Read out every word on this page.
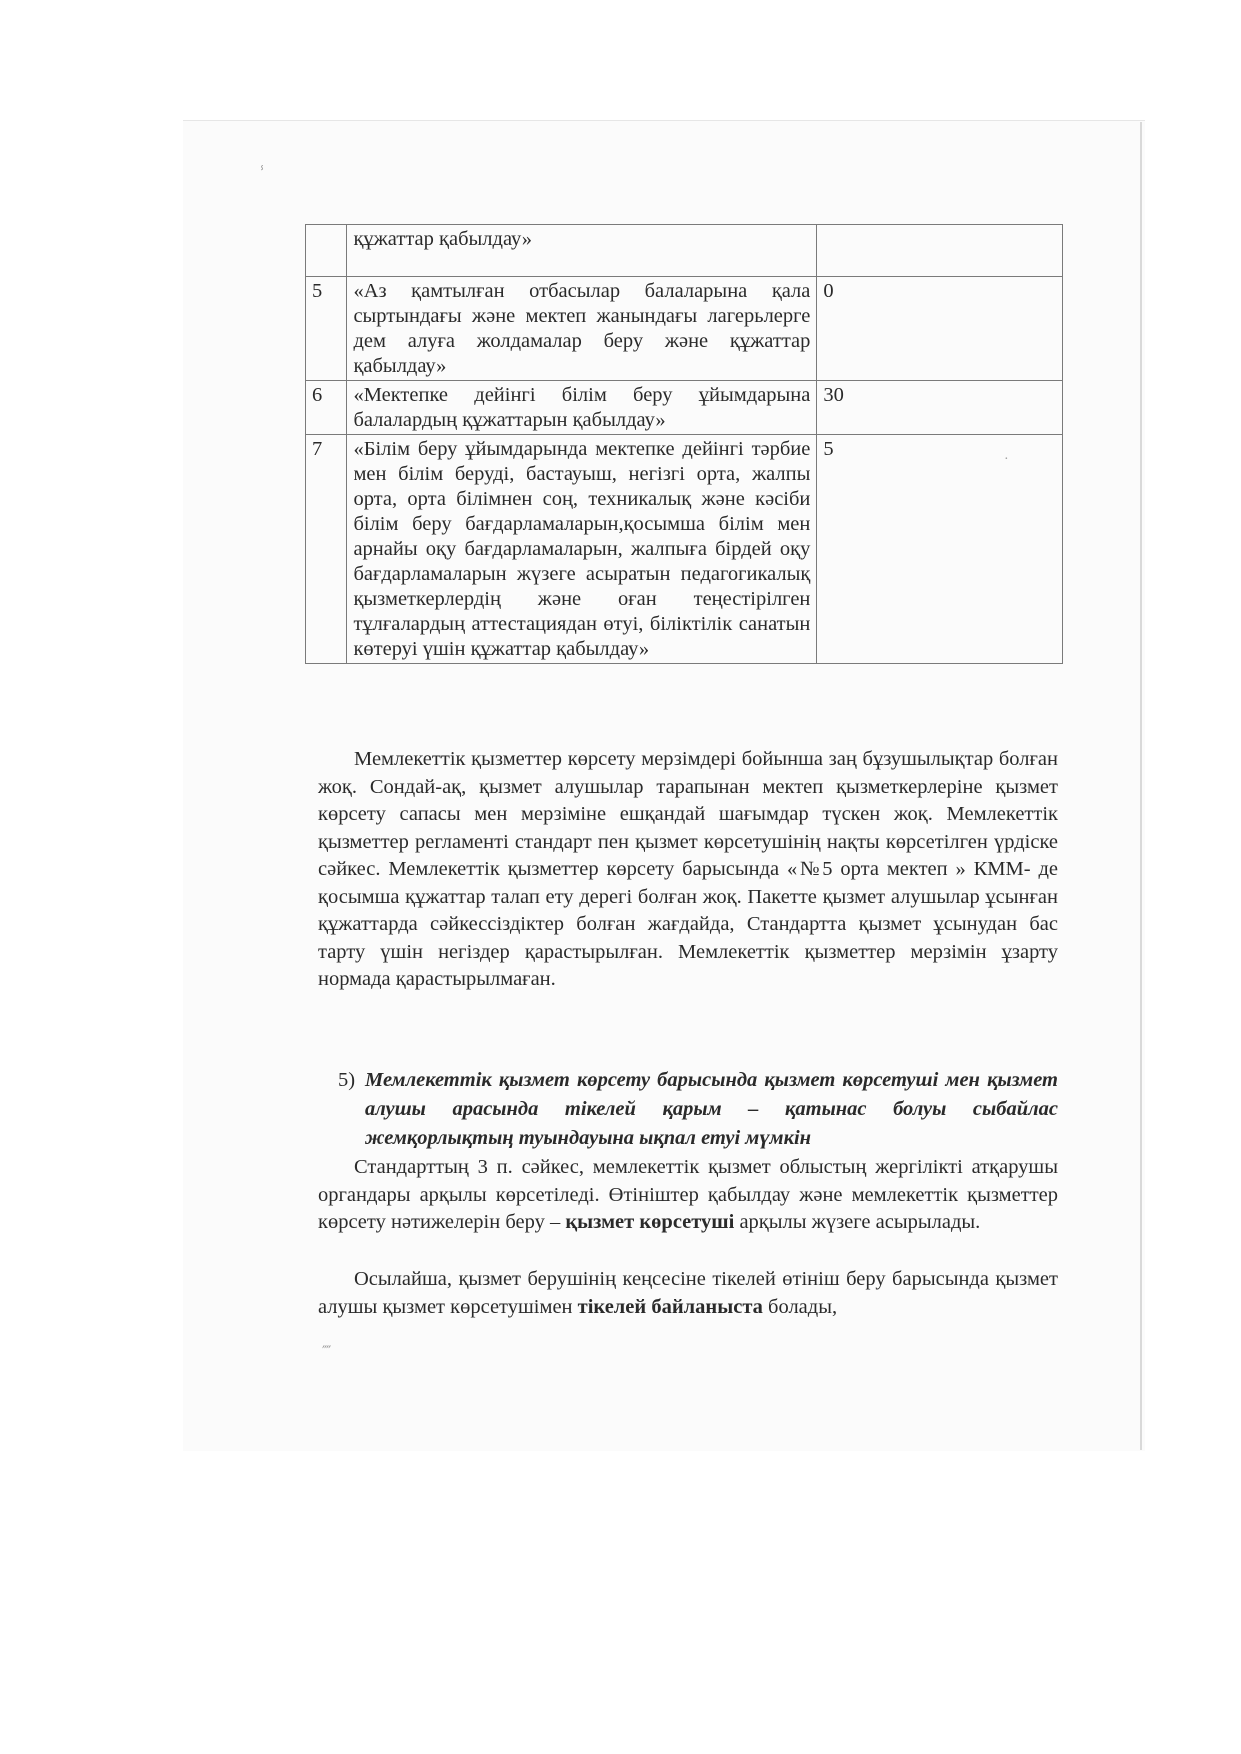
ⸯ
·
⁗
	құжаттар қабылдау»	
5	«Аз қамтылған отбасылар балаларына қала сыртындағы және мектеп жанындағы лагерьлерге дем алуға жолдамалар беру және құжаттар қабылдау»	0
6	«Мектепке дейінгі білім беру ұйымдарына балалардың құжаттарын қабылдау»	30
7	«Білім беру ұйымдарында мектепке дейінгі тәрбие мен білім беруді, бастауыш, негізгі орта, жалпы орта, орта білімнен соң, техникалық және кәсіби білім беру бағдарламаларын,қосымша білім мен арнайы оқу бағдарламаларын, жалпыға бірдей оқу бағдарламаларын жүзеге асыратын педагогикалық қызметкерлердің және оған теңестірілген тұлғалардың аттестациядан өтуі, біліктілік санатын көтеруі үшін құжаттар қабылдау»	5

Мемлекеттік қызметтер көрсету мерзімдері бойынша заң бұзушылықтар болған жоқ. Сондай-ақ, қызмет алушылар тарапынан мектеп қызметкерлеріне қызмет көрсету сапасы мен мерзіміне ешқандай шағымдар түскен жоқ. Мемлекеттік қызметтер регламенті стандарт пен қызмет көрсетушінің нақты көрсетілген үрдіске сәйкес. Мемлекеттік қызметтер көрсету барысында «№5 орта мектеп » КММ- де қосымша құжаттар талап ету дерегі болған жоқ. Пакетте қызмет алушылар ұсынған құжаттарда сәйкессіздіктер болған жағдайда, Стандартта қызмет ұсынудан бас тарту үшін негіздер қарастырылған. Мемлекеттік қызметтер мерзімін ұзарту нормада қарастырылмаған.

5) Мемлекеттік қызмет көрсету барысында қызмет көрсетуші мен қызмет алушы арасында тікелей қарым – қатынас болуы сыбайлас жемқорлықтың туындауына ықпал етуі мүмкін

Стандарттың 3 п. сәйкес, мемлекеттік қызмет облыстың жергілікті атқарушы органдары арқылы көрсетіледі. Өтініштер қабылдау және мемлекеттік қызметтер көрсету нәтижелерін беру – қызмет көрсетуші арқылы жүзеге асырылады.

Осылайша, қызмет берушінің кеңсесіне тікелей өтініш беру барысында қызмет алушы қызмет көрсетушімен тікелей байланыста болады,
